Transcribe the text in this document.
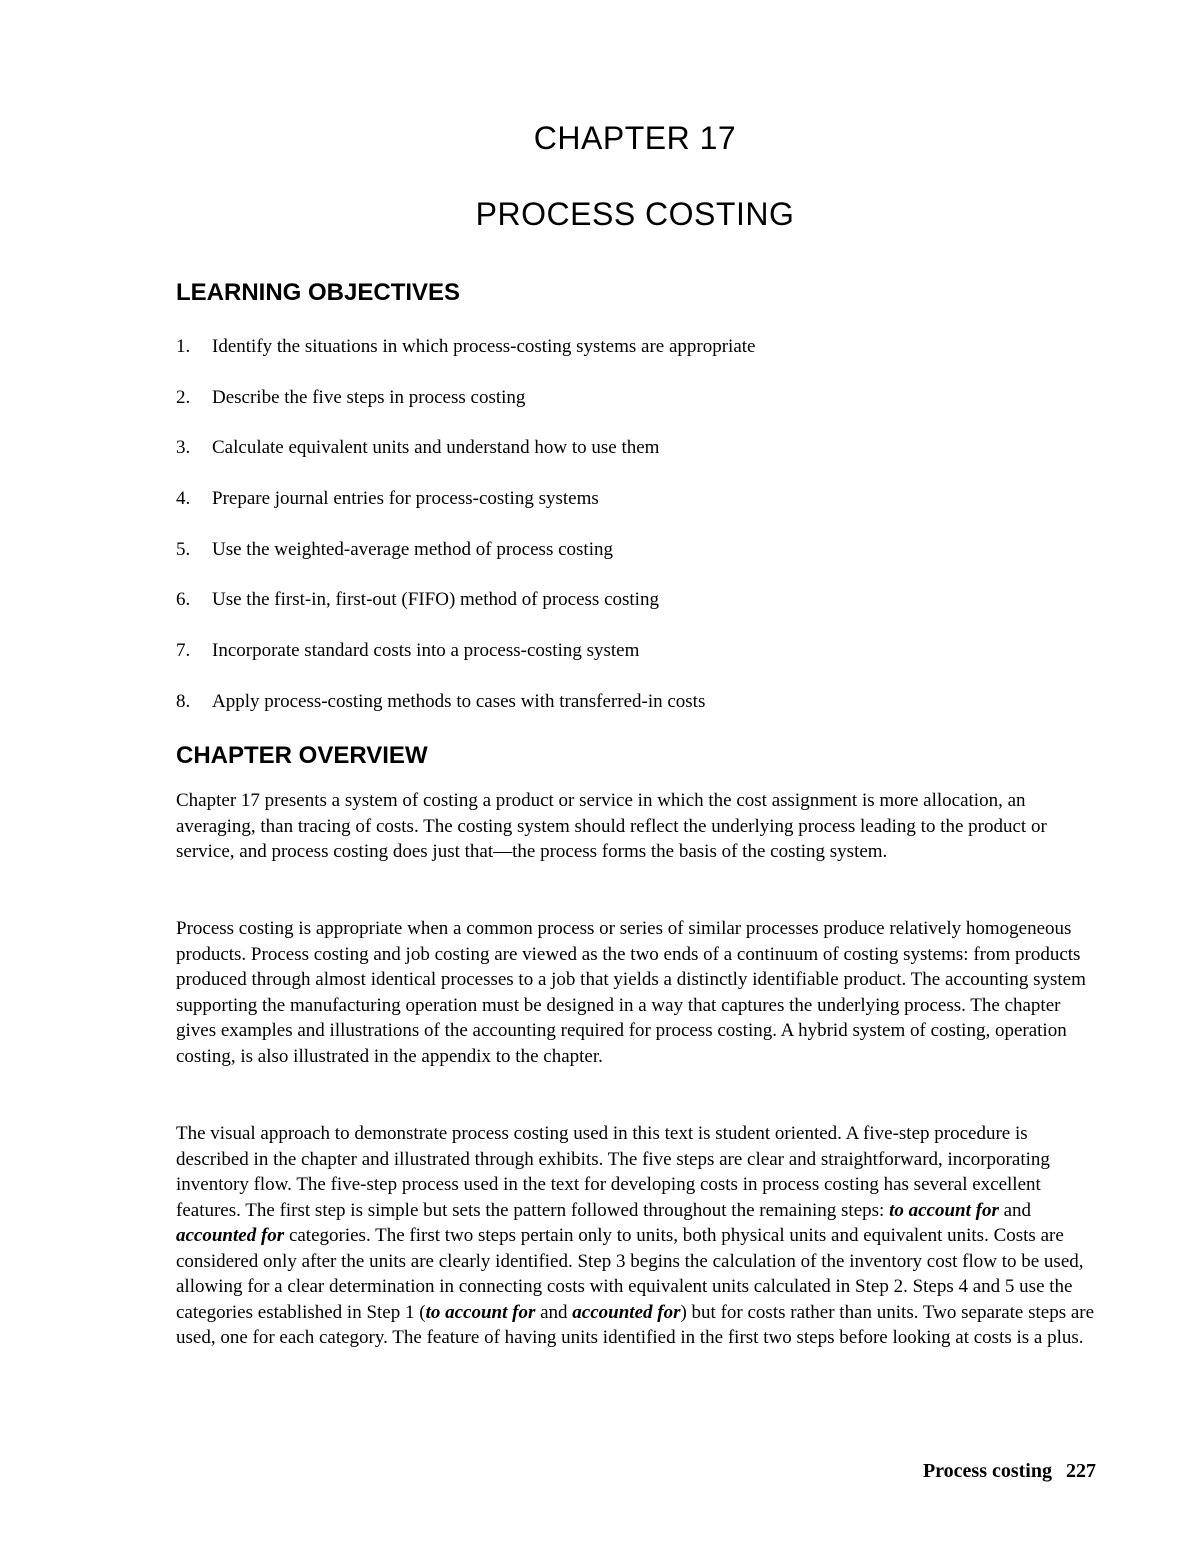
CHAPTER 17
PROCESS COSTING
LEARNING OBJECTIVES
1.	Identify the situations in which process-costing systems are appropriate
2.	Describe the five steps in process costing
3.	Calculate equivalent units and understand how to use them
4.	Prepare journal entries for process-costing systems
5.	Use the weighted-average method of process costing
6.	Use the first-in, first-out (FIFO) method of process costing
7.	Incorporate standard costs into a process-costing system
8.	Apply process-costing methods to cases with transferred-in costs
CHAPTER OVERVIEW

Chapter 17 presents a system of costing a product or service in which the cost assignment is more allocation, an averaging, than tracing of costs. The costing system should reflect the underlying process leading to the product or service, and process costing does just that—the process forms the basis of the costing system.

Process costing is appropriate when a common process or series of similar processes produce relatively homogeneous products. Process costing and job costing are viewed as the two ends of a continuum of costing systems: from products produced through almost identical processes to a job that yields a distinctly identifiable product. The accounting system supporting the manufacturing operation must be designed in a way that captures the underlying process. The chapter gives examples and illustrations of the accounting required for process costing. A hybrid system of costing, operation costing, is also illustrated in the appendix to the chapter.

The visual approach to demonstrate process costing used in this text is student oriented. A five-step procedure is described in the chapter and illustrated through exhibits. The five steps are clear and straightforward, incorporating inventory flow. The five-step process used in the text for developing costs in process costing has several excellent features. The first step is simple but sets the pattern followed throughout the remaining steps: to account for and accounted for categories. The first two steps pertain only to units, both physical units and equivalent units. Costs are considered only after the units are clearly identified. Step 3 begins the calculation of the inventory cost flow to be used, allowing for a clear determination in connecting costs with equivalent units calculated in Step 2. Steps 4 and 5 use the categories established in Step 1 (to account for and accounted for) but for costs rather than units. Two separate steps are used, one for each category. The feature of having units identified in the first two steps before looking at costs is a plus.

Process costing 227
